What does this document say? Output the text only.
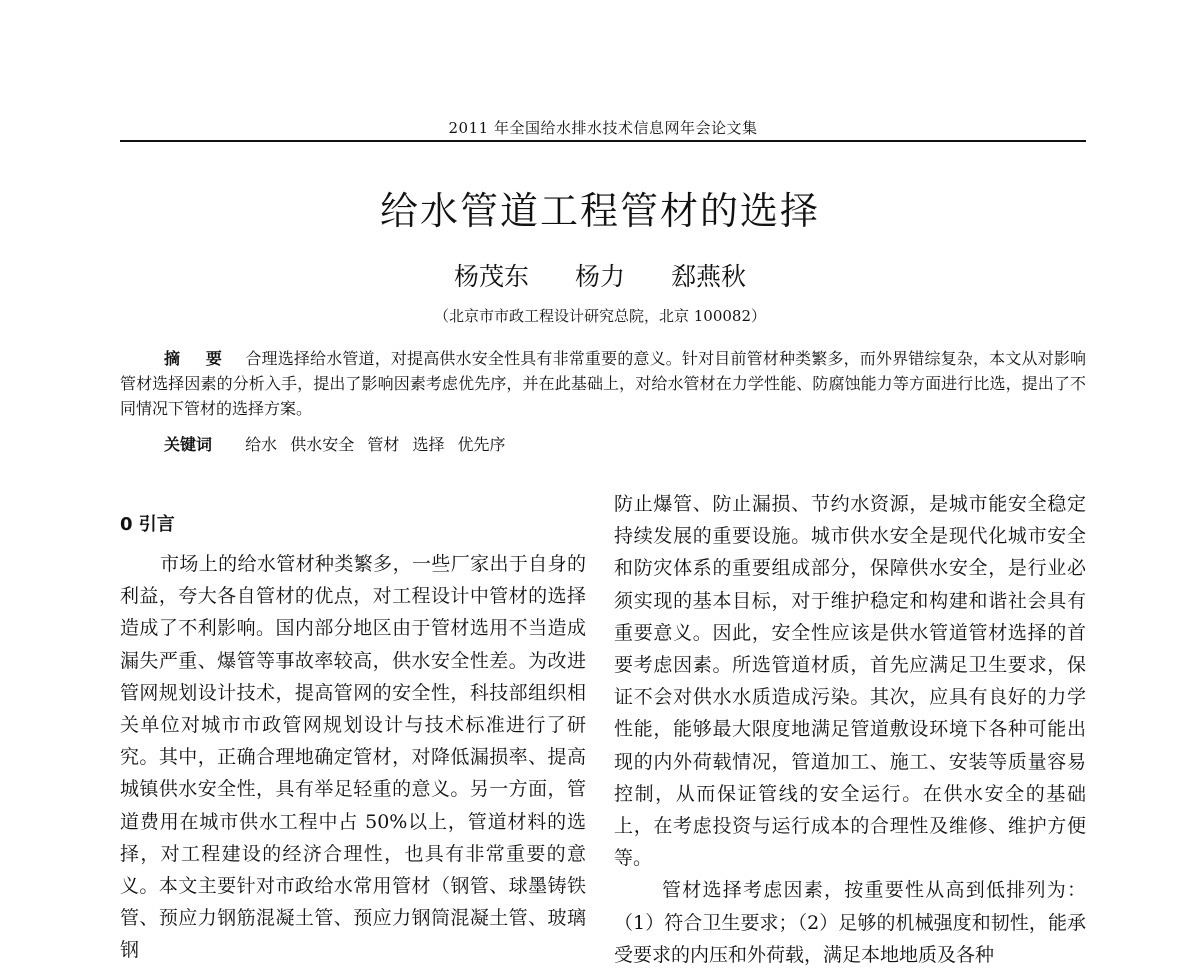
2011 年全国给水排水技术信息网年会论文集
给水管道工程管材的选择
杨茂东 杨力 郄燕秋
（北京市市政工程设计研究总院，北京 100082）
摘 要 合理选择给水管道，对提高供水安全性具有非常重要的意义。针对目前管材种类繁多，而外界错综复杂，本文从对影响管材选择因素的分析入手，提出了影响因素考虑优先序，并在此基础上，对给水管材在力学性能、防腐蚀能力等方面进行比选，提出了不同情况下管材的选择方案。
关键词 给水 供水安全 管材 选择 优先序
0 引言

市场上的给水管材种类繁多，一些厂家出于自身的利益，夸大各自管材的优点，对工程设计中管材的选择造成了不利影响。国内部分地区由于管材选用不当造成漏失严重、爆管等事故率较高，供水安全性差。为改进管网规划设计技术，提高管网的安全性，科技部组织相关单位对城市市政管网规划设计与技术标准进行了研究。其中，正确合理地确定管材，对降低漏损率、提高城镇供水安全性，具有举足轻重的意义。另一方面，管道费用在城市供水工程中占 50%以上，管道材料的选择，对工程建设的经济合理性，也具有非常重要的意义。本文主要针对市政给水常用管材（钢管、球墨铸铁管、预应力钢筋混凝土管、预应力钢筒混凝土管、玻璃钢

防止爆管、防止漏损、节约水资源，是城市能安全稳定持续发展的重要设施。城市供水安全是现代化城市安全和防灾体系的重要组成部分，保障供水安全，是行业必须实现的基本目标，对于维护稳定和构建和谐社会具有重要意义。因此，安全性应该是供水管道管材选择的首要考虑因素。所选管道材质，首先应满足卫生要求，保证不会对供水水质造成污染。其次，应具有良好的力学性能，能够最大限度地满足管道敷设环境下各种可能出现的内外荷载情况，管道加工、施工、安装等质量容易控制，从而保证管线的安全运行。在供水安全的基础上，在考虑投资与运行成本的合理性及维修、维护方便等。

管材选择考虑因素，按重要性从高到低排列为：（1）符合卫生要求；（2）足够的机械强度和韧性，能承受要求的内压和外荷载，满足本地地质及各种
